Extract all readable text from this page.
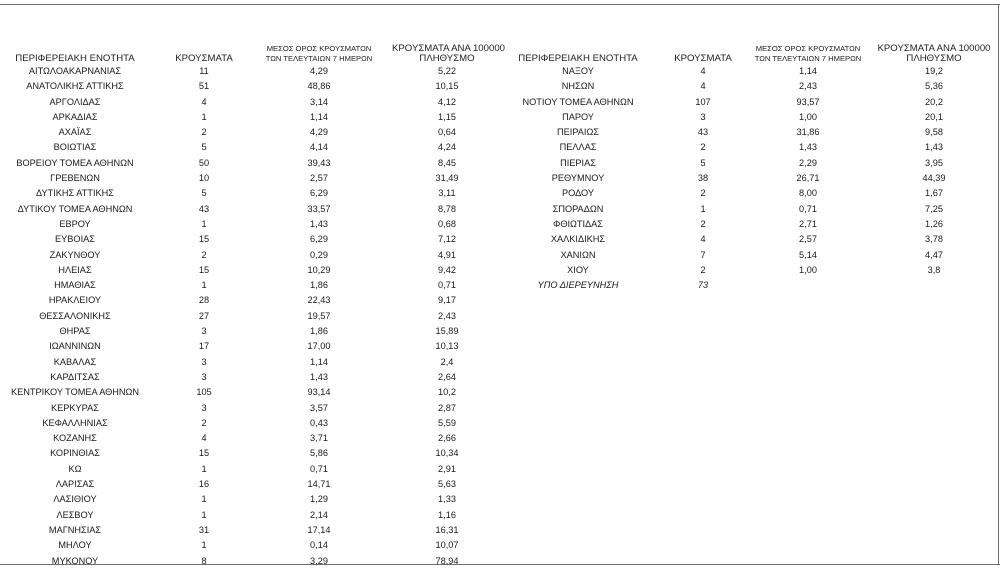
ΠΕΡΙΦΕΡΕΙΑΚΗ ΕΝΟΤΗΤΑ	ΚΡΟΥΣΜΑΤΑ
ΜΕΣΟΣ ΟΡΟΣ ΚΡΟΥΣΜΑΤΩΝ
ΤΩΝ ΤΕΛΕΥΤΑΙΩΝ 7 ΗΜΕΡΩΝ
ΚΡΟΥΣΜΑΤΑ ΑΝΑ 100000
ΠΛΗΘΥΣΜΟ
ΑΙΤΩΛΟΑΚΑΡΝΑΝΙΑΣ	11	4,29	5,22
ΑΝΑΤΟΛΙΚΗΣ ΑΤΤΙΚΗΣ	51	48,86	10,15
ΑΡΓΟΛΙΔΑΣ	4	3,14	4,12
ΑΡΚΑΔΙΑΣ	1	1,14	1,15
ΑΧΑΪΑΣ	2	4,29	0,64
ΒΟΙΩΤΙΑΣ	5	4,14	4,24
ΒΟΡΕΙΟΥ ΤΟΜΕΑ ΑΘΗΝΩΝ	50	39,43	8,45
ΓΡΕΒΕΝΩΝ	10	2,57	31,49
ΔΥΤΙΚΗΣ ΑΤΤΙΚΗΣ	5	6,29	3,11
ΔΥΤΙΚΟΥ ΤΟΜΕΑ ΑΘΗΝΩΝ	43	33,57	8,78
ΕΒΡΟΥ	1	1,43	0,68
ΕΥΒΟΙΑΣ	15	6,29	7,12
ΖΑΚΥΝΘΟΥ	2	0,29	4,91
ΗΛΕΙΑΣ	15	10,29	9,42
ΗΜΑΘΙΑΣ	1	1,86	0,71
ΗΡΑΚΛΕΙΟΥ	28	22,43	9,17
ΘΕΣΣΑΛΟΝΙΚΗΣ	27	19,57	2,43
ΘΗΡΑΣ	3	1,86	15,89
ΙΩΑΝΝΙΝΩΝ	17	17,00	10,13
ΚΑΒΑΛΑΣ	3	1,14	2,4
ΚΑΡΔΙΤΣΑΣ	3	1,43	2,64
ΚΕΝΤΡΙΚΟΥ ΤΟΜΕΑ ΑΘΗΝΩΝ	105	93,14	10,2
ΚΕΡΚΥΡΑΣ	3	3,57	2,87
ΚΕΦΑΛΛΗΝΙΑΣ	2	0,43	5,59
ΚΟΖΑΝΗΣ	4	3,71	2,66
ΚΟΡΙΝΘΙΑΣ	15	5,86	10,34
ΚΩ	1	0,71	2,91
ΛΑΡΙΣΑΣ	16	14,71	5,63
ΛΑΣΙΘΙΟΥ	1	1,29	1,33
ΛΕΣΒΟΥ	1	2,14	1,16
ΜΑΓΝΗΣΙΑΣ	31	17,14	16,31
ΜΗΛΟΥ	1	0,14	10,07
ΜΥΚΟΝΟΥ	8	3,29	78,94
ΠΕΡΙΦΕΡΕΙΑΚΗ ΕΝΟΤΗΤΑ	ΚΡΟΥΣΜΑΤΑ
ΜΕΣΟΣ ΟΡΟΣ ΚΡΟΥΣΜΑΤΩΝ
ΤΩΝ ΤΕΛΕΥΤΑΙΩΝ 7 ΗΜΕΡΩΝ
ΚΡΟΥΣΜΑΤΑ ΑΝΑ 100000
ΠΛΗΘΥΣΜΟ
ΝΑΞΟΥ	4	1,14	19,2
ΝΗΣΩΝ	4	2,43	5,36
ΝΟΤΙΟΥ ΤΟΜΕΑ ΑΘΗΝΩΝ	107	93,57	20,2
ΠΑΡΟΥ	3	1,00	20,1
ΠΕΙΡΑΙΩΣ	43	31,86	9,58
ΠΕΛΛΑΣ	2	1,43	1,43
ΠΙΕΡΙΑΣ	5	2,29	3,95
ΡΕΘΥΜΝΟΥ	38	26,71	44,39
ΡΟΔΟΥ	2	8,00	1,67
ΣΠΟΡΑΔΩΝ	1	0,71	7,25
ΦΘΙΩΤΙΔΑΣ	2	2,71	1,26
ΧΑΛΚΙΔΙΚΗΣ	4	2,57	3,78
ΧΑΝΙΩΝ	7	5,14	4,47
ΧΙΟΥ	2	1,00	3,8
ΥΠΟ ΔΙΕΡΕΥΝΗΣΗ	73
